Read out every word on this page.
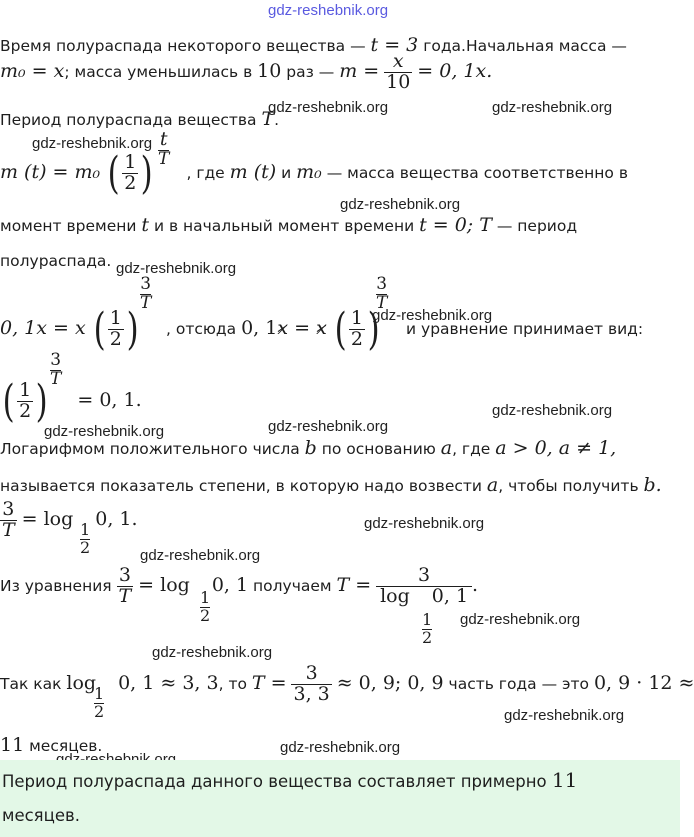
gdz-reshebnik.org
Время полураспада некоторого вещества — t = 3 года.Начальная масса —
m₀ = x; масса уменьшилась в 10 раз — $m = \frac{x}{10} = 0$, 1x.
Период полураспада вещества T.
gdz-reshebnik.org	gdz-reshebnik.org
gdz-reshebnik.org
m (t) = m₀ ( $\frac{1}{2}$ ) , где m (t) и m₀ — масса вещества соответственно в
$\frac{t}{T}$
gdz-reshebnik.org
момент времени t и в начальный момент времени t = 0; T — период
полураспада. gdz-reshebnik.org
0, 1x = x ( $\frac{1}{2}$ ) , отсюда 0, 1x = x ( $\frac{1}{2}$ )  и уравнение принимает вид:
$\frac{3}{T}$	$\frac{3}{T}$
gdz-reshebnik.org
( $\frac{1}{2}$ ) = 0, 1.
$\frac{3}{T}$
gdz-reshebnik.org
gdz-reshebnik.org
gdz-reshebnik.org
Логарифмом положительного числа b по основанию a, где a > 0, a ≠ 1,
называется показатель степени, в которую надо возвести a, чтобы получить b.
$\frac{3}{T} = \log 0$, 1.
1
2
gdz-reshebnik.org
gdz-reshebnik.org
Из уравнения $\frac{3}{T} = \log 0$, 1 получаем $T = \frac{3}{\log 0, 1}$ .
1
2	1
2
gdz-reshebnik.org
gdz-reshebnik.org
Так как log 0, 1 ≈ 3, 3, то $T = \frac{3}{3, 3} \approx 0$, 9; 0, 9 часть года — это 0, 9 · 12 ≈
1
2	gdz-reshebnik.org
11 месяцев.	gdz-reshebnik.org
Период полураспада данного вещества составляет примерно 11
месяцев.
